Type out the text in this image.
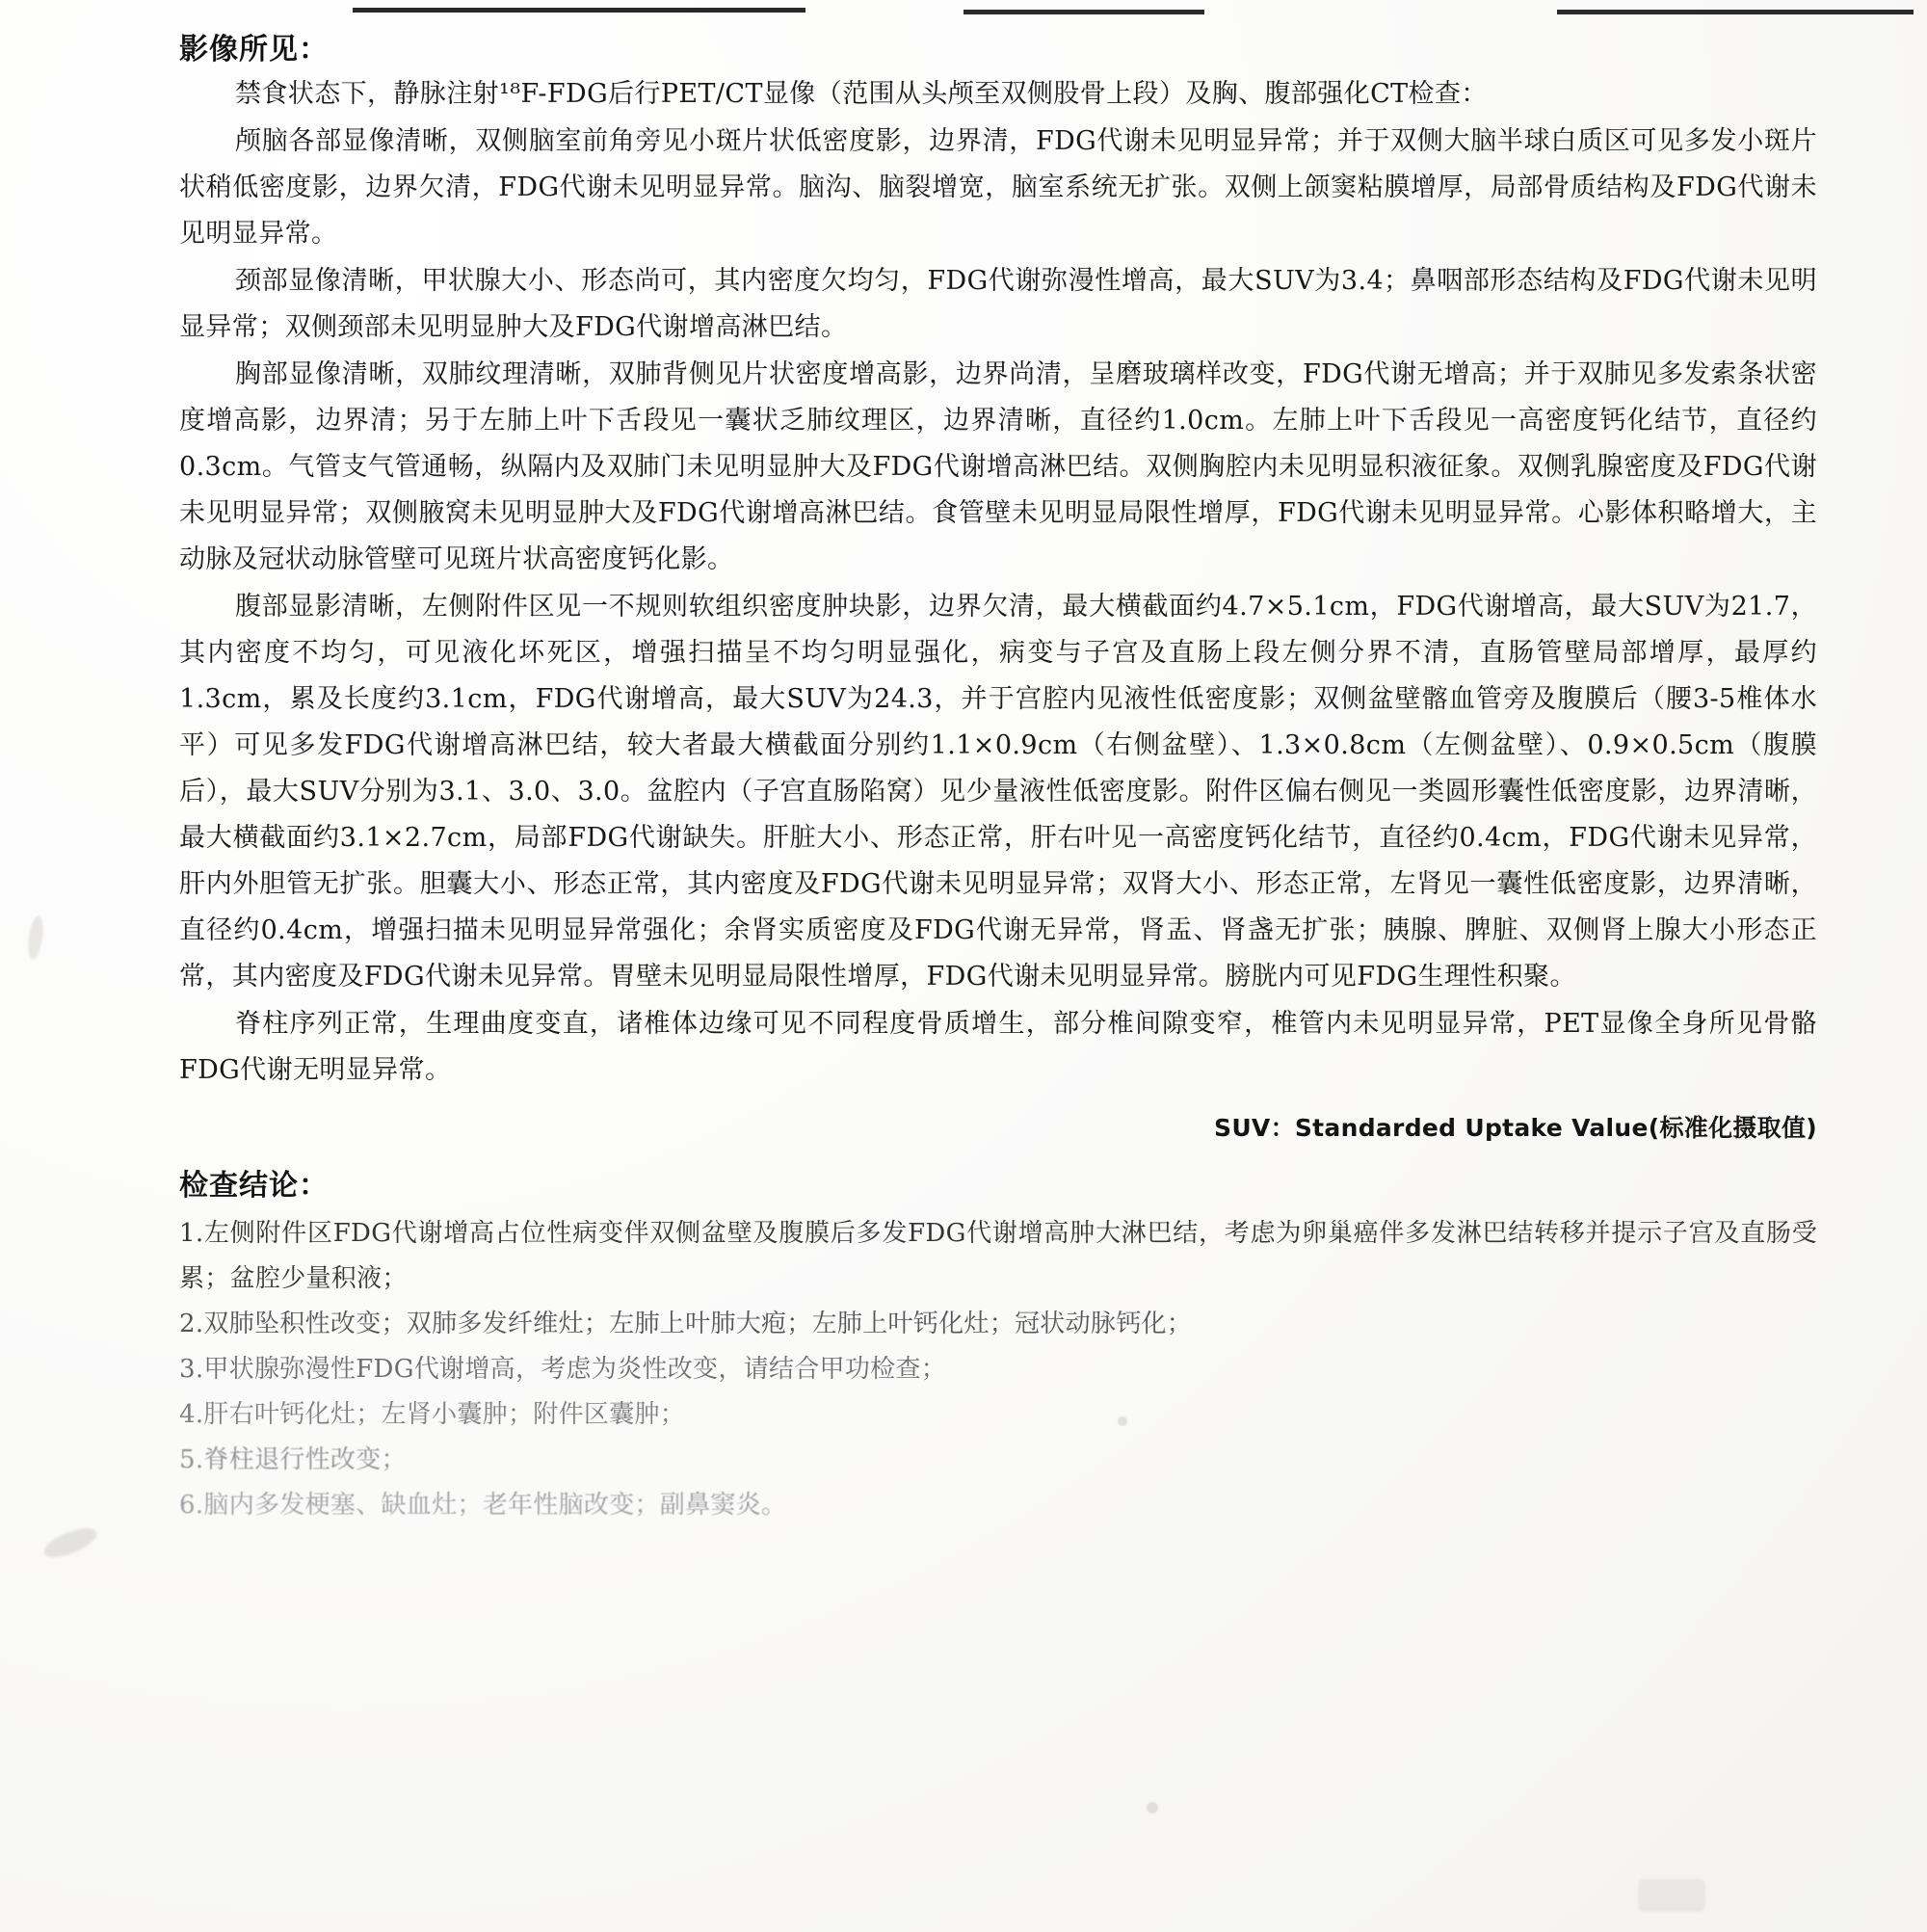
影像所见：

禁食状态下，静脉注射¹⁸F-FDG后行PET/CT显像（范围从头颅至双侧股骨上段）及胸、腹部强化CT检查：

颅脑各部显像清晰，双侧脑室前角旁见小斑片状低密度影，边界清，FDG代谢未见明显异常；并于双侧大脑半球白质区可见多发小斑片状稍低密度影，边界欠清，FDG代谢未见明显异常。脑沟、脑裂增宽，脑室系统无扩张。双侧上颌窦粘膜增厚，局部骨质结构及FDG代谢未见明显异常。

颈部显像清晰，甲状腺大小、形态尚可，其内密度欠均匀，FDG代谢弥漫性增高，最大SUV为3.4；鼻咽部形态结构及FDG代谢未见明显异常；双侧颈部未见明显肿大及FDG代谢增高淋巴结。

胸部显像清晰，双肺纹理清晰，双肺背侧见片状密度增高影，边界尚清，呈磨玻璃样改变，FDG代谢无增高；并于双肺见多发索条状密度增高影，边界清；另于左肺上叶下舌段见一囊状乏肺纹理区，边界清晰，直径约1.0cm。左肺上叶下舌段见一高密度钙化结节，直径约0.3cm。气管支气管通畅，纵隔内及双肺门未见明显肿大及FDG代谢增高淋巴结。双侧胸腔内未见明显积液征象。双侧乳腺密度及FDG代谢未见明显异常；双侧腋窝未见明显肿大及FDG代谢增高淋巴结。食管壁未见明显局限性增厚，FDG代谢未见明显异常。心影体积略增大，主动脉及冠状动脉管壁可见斑片状高密度钙化影。

腹部显影清晰，左侧附件区见一不规则软组织密度肿块影，边界欠清，最大横截面约4.7×5.1cm，FDG代谢增高，最大SUV为21.7，其内密度不均匀，可见液化坏死区，增强扫描呈不均匀明显强化，病变与子宫及直肠上段左侧分界不清，直肠管壁局部增厚，最厚约1.3cm，累及长度约3.1cm，FDG代谢增高，最大SUV为24.3，并于宫腔内见液性低密度影；双侧盆壁髂血管旁及腹膜后（腰3-5椎体水平）可见多发FDG代谢增高淋巴结，较大者最大横截面分别约1.1×0.9cm（右侧盆壁）、1.3×0.8cm（左侧盆壁）、0.9×0.5cm（腹膜后），最大SUV分别为3.1、3.0、3.0。盆腔内（子宫直肠陷窝）见少量液性低密度影。附件区偏右侧见一类圆形囊性低密度影，边界清晰，最大横截面约3.1×2.7cm，局部FDG代谢缺失。肝脏大小、形态正常，肝右叶见一高密度钙化结节，直径约0.4cm，FDG代谢未见异常，肝内外胆管无扩张。胆囊大小、形态正常，其内密度及FDG代谢未见明显异常；双肾大小、形态正常，左肾见一囊性低密度影，边界清晰，直径约0.4cm，增强扫描未见明显异常强化；余肾实质密度及FDG代谢无异常，肾盂、肾盏无扩张；胰腺、脾脏、双侧肾上腺大小形态正常，其内密度及FDG代谢未见异常。胃壁未见明显局限性增厚，FDG代谢未见明显异常。膀胱内可见FDG生理性积聚。

脊柱序列正常，生理曲度变直，诸椎体边缘可见不同程度骨质增生，部分椎间隙变窄，椎管内未见明显异常，PET显像全身所见骨骼FDG代谢无明显异常。

SUV：Standarded Uptake Value(标准化摄取值)
检查结论：

1.左侧附件区FDG代谢增高占位性病变伴双侧盆壁及腹膜后多发FDG代谢增高肿大淋巴结，考虑为卵巢癌伴多发淋巴结转移并提示子宫及直肠受累；盆腔少量积液；

2.双肺坠积性改变；双肺多发纤维灶；左肺上叶肺大疱；左肺上叶钙化灶；冠状动脉钙化；

3.甲状腺弥漫性FDG代谢增高，考虑为炎性改变，请结合甲功检查；

4.肝右叶钙化灶；左肾小囊肿；附件区囊肿；

5.脊柱退行性改变；

6.脑内多发梗塞、缺血灶；老年性脑改变；副鼻窦炎。
